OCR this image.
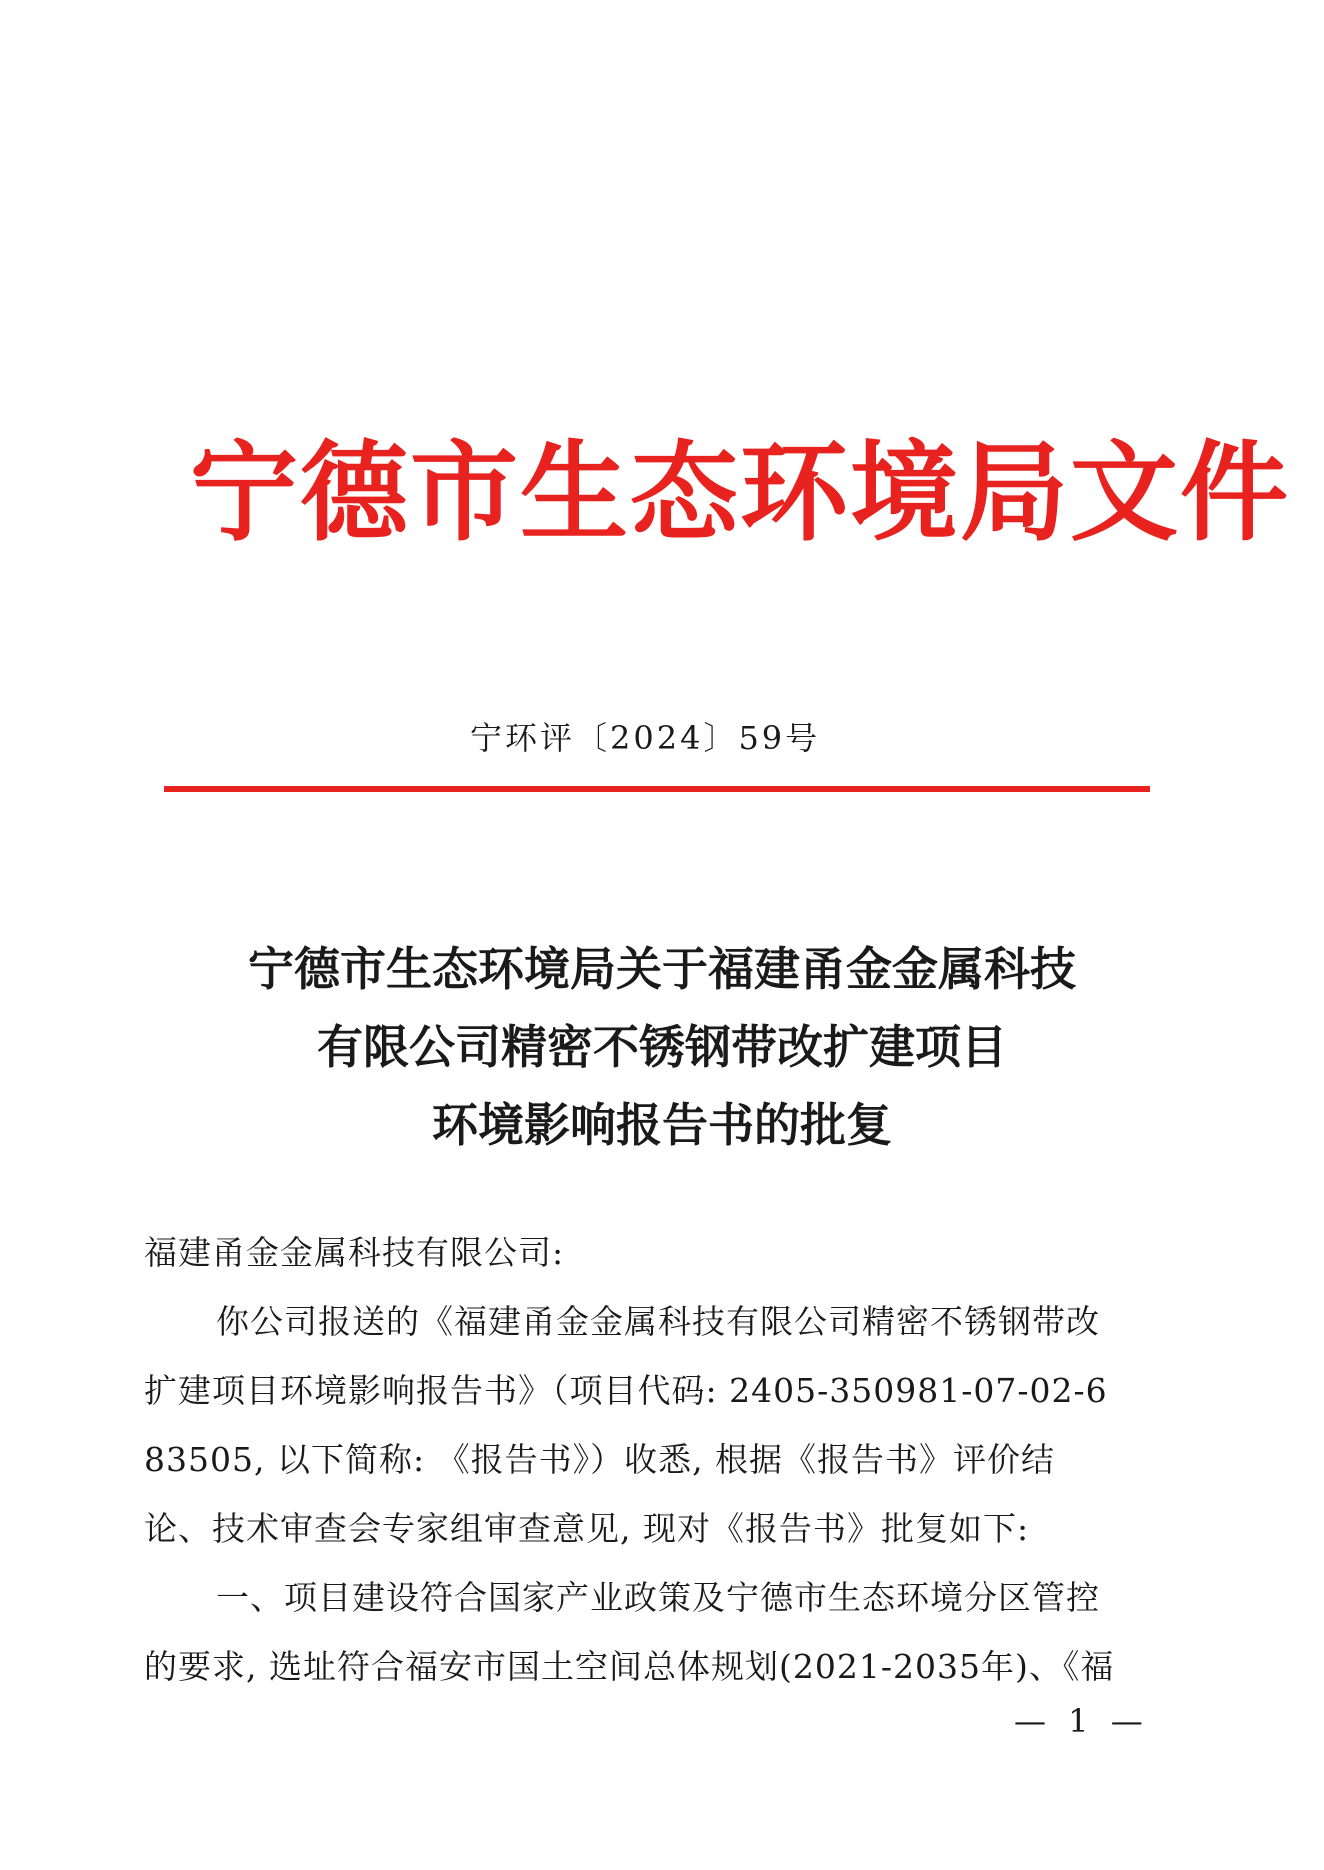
宁德市生态环境局文件
宁环评〔2024〕59号
宁德市生态环境局关于福建甬金金属科技
有限公司精密不锈钢带改扩建项目
环境影响报告书的批复

福建甬金金属科技有限公司:

你公司报送的《福建甬金金属科技有限公司精密不锈钢带改

扩建项目环境影响报告书》（项目代码: 2405-350981-07-02-6

83505, 以下简称: 《报告书》）收悉, 根据《报告书》评价结

论、技术审查会专家组审查意见, 现对《报告书》批复如下:

一、项目建设符合国家产业政策及宁德市生态环境分区管控

的要求, 选址符合福安市国土空间总体规划(2021-2035年)、《福

— 1 —
